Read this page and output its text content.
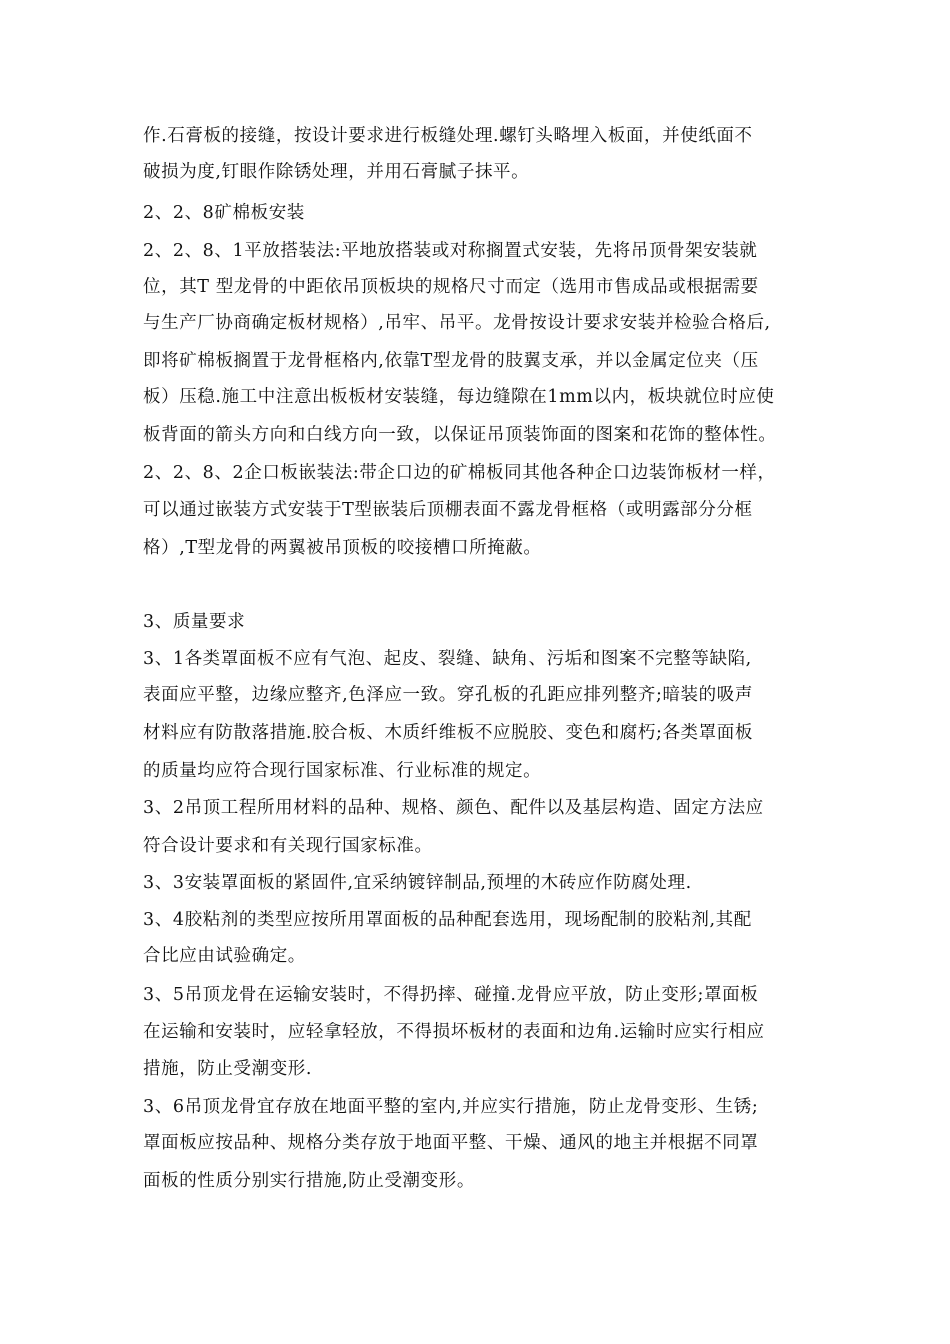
作.石膏板的接缝，按设计要求进行板缝处理.螺钉头略埋入板面，并使纸面不
破损为度,钉眼作除锈处理，并用石膏腻子抹平。
2、2、8矿棉板安装
2、2、8、1平放搭装法:平地放搭装或对称搁置式安装，先将吊顶骨架安装就
位，其T 型龙骨的中距依吊顶板块的规格尺寸而定（选用市售成品或根据需要
与生产厂协商确定板材规格）,吊牢、吊平。龙骨按设计要求安装并检验合格后,
即将矿棉板搁置于龙骨框格内,依靠T型龙骨的肢翼支承，并以金属定位夹（压
板）压稳.施工中注意出板板材安装缝，每边缝隙在1mm以内，板块就位时应使
板背面的箭头方向和白线方向一致，以保证吊顶装饰面的图案和花饰的整体性。
2、2、8、2企口板嵌装法:带企口边的矿棉板同其他各种企口边装饰板材一样，
可以通过嵌装方式安装于T型嵌装后顶棚表面不露龙骨框格（或明露部分分框
格）,T型龙骨的两翼被吊顶板的咬接槽口所掩蔽。
3、质量要求
3、1各类罩面板不应有气泡、起皮、裂缝、缺角、污垢和图案不完整等缺陷,
表面应平整，边缘应整齐,色泽应一致。穿孔板的孔距应排列整齐;暗装的吸声
材料应有防散落措施.胶合板、木质纤维板不应脱胶、变色和腐朽;各类罩面板
的质量均应符合现行国家标准、行业标准的规定。
3、2吊顶工程所用材料的品种、规格、颜色、配件以及基层构造、固定方法应
符合设计要求和有关现行国家标准。
3、3安装罩面板的紧固件,宜采纳镀锌制品,预埋的木砖应作防腐处理.
3、4胶粘剂的类型应按所用罩面板的品种配套选用，现场配制的胶粘剂,其配
合比应由试验确定。
3、5吊顶龙骨在运输安装时，不得扔摔、碰撞.龙骨应平放，防止变形;罩面板
在运输和安装时，应轻拿轻放，不得损坏板材的表面和边角.运输时应实行相应
措施，防止受潮变形.
3、6吊顶龙骨宜存放在地面平整的室内,并应实行措施，防止龙骨变形、生锈;
罩面板应按品种、规格分类存放于地面平整、干燥、通风的地主并根据不同罩
面板的性质分别实行措施,防止受潮变形。
